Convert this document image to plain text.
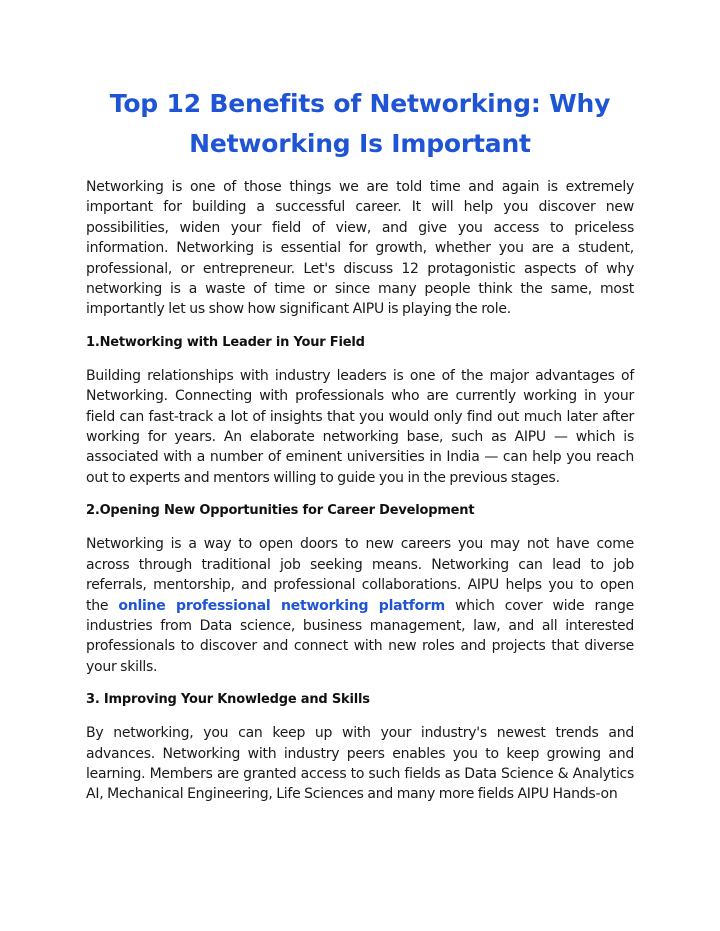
Top 12 Benefits of Networking: Why
Networking Is Important

Networking is one of those things we are told time and again is extremely important for building a successful career. It will help you discover new possibilities, widen your field of view, and give you access to priceless information. Networking is essential for growth, whether you are a student, professional, or entrepreneur. Let's discuss 12 protagonistic aspects of why networking is a waste of time or since many people think the same, most importantly let us show how significant AIPU is playing the role.

1.Networking with Leader in Your Field

Building relationships with industry leaders is one of the major advantages of Networking. Connecting with professionals who are currently working in your field can fast-track a lot of insights that you would only find out much later after working for years. An elaborate networking base, such as AIPU — which is associated with a number of eminent universities in India — can help you reach out to experts and mentors willing to guide you in the previous stages.

2.Opening New Opportunities for Career Development

Networking is a way to open doors to new careers you may not have come across through traditional job seeking means. Networking can lead to job referrals, mentorship, and professional collaborations. AIPU helps you to open the online professional networking platform which cover wide range industries from Data science, business management, law, and all interested professionals to discover and connect with new roles and projects that diverse your skills.

3. Improving Your Knowledge and Skills

By networking, you can keep up with your industry's newest trends and advances. Networking with industry peers enables you to keep growing and learning. Members are granted access to such fields as Data Science & Analytics AI, Mechanical Engineering, Life Sciences and many more fields AIPU Hands-on
